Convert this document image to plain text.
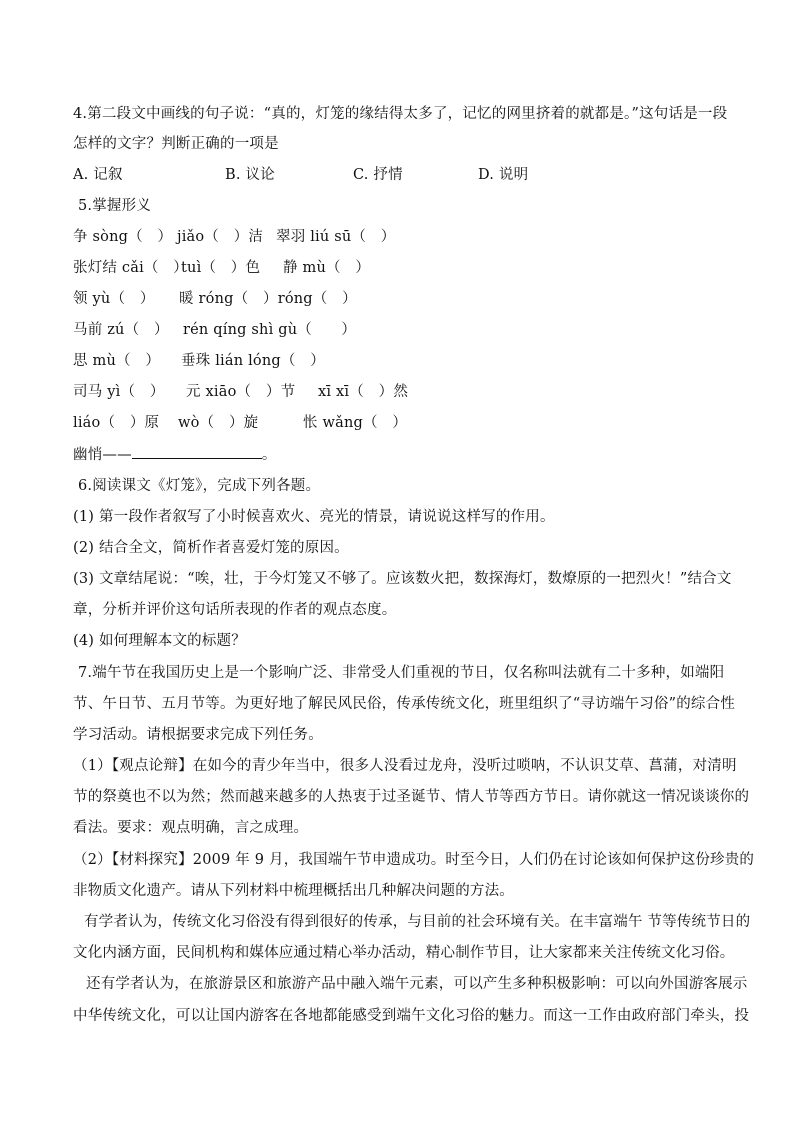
4.第二段文中画线的句子说：“真的，灯笼的缘结得太多了，记忆的网里挤着的就都是。”这句话是一段
怎样的文字？判断正确的一项是
A. 记叙	B. 议论	C. 抒情	D. 说明
5.掌握形义
争 sòng（　） jiǎo（　）洁 翠羽 liú sū（　）
张灯结 cǎi（　）
tuì（　）色 静 mù（　）
领 yù（　） 暖 róng（　）róng（　）
马前 zú（　） rén qíng shì gù（　　）
思 mù（　） 垂珠 lián lóng（　）
司马 yì（　） 元 xiāo（　）节 xī xī（　）然
liáo（　）原 wò（　）旋	怅 wǎng（　）
幽悄——	。
6.阅读课文《灯笼》，完成下列各题。
(1) 第一段作者叙写了小时候喜欢火、亮光的情景，请说说这样写的作用。
(2) 结合全文，简析作者喜爱灯笼的原因。
(3) 文章结尾说：“唉，壮，于今灯笼又不够了。应该数火把，数探海灯，数燎原的一把烈火！”结合文
章，分析并评价这句话所表现的作者的观点态度。
(4) 如何理解本文的标题？
7.端午节在我国历史上是一个影响广泛、非常受人们重视的节日，仅名称叫法就有二十多种，如端阳
节、午日节、五月节等。为更好地了解民风民俗，传承传统文化，班里组织了“寻访端午习俗”的综合性
学习活动。请根据要求完成下列任务。
（1）【观点论辩】在如今的青少年当中，很多人没看过龙舟，没听过唢呐，不认识艾草、菖蒲，对清明
节的祭奠也不以为然；然而越来越多的人热衷于过圣诞节、情人节等西方节日。请你就这一情况谈谈你的
看法。要求：观点明确，言之成理。
（2）【材料探究】2009 年 9 月，我国端午节申遗成功。时至今日，人们仍在讨论该如何保护这份珍贵的
非物质文化遗产。请从下列材料中梳理概括出几种解决问题的方法。
有学者认为，传统文化习俗没有得到很好的传承，与目前的社会环境有关。在丰富端午 节等传统节日的
文化内涵方面，民间机构和媒体应通过精心举办活动，精心制作节目，让大家都来关注传统文化习俗。
还有学者认为，在旅游景区和旅游产品中融入端午元素，可以产生多种积极影响：可以向外国游客展示
中华传统文化，可以让国内游客在各地都能感受到端午文化习俗的魅力。而这一工作由政府部门牵头，投
